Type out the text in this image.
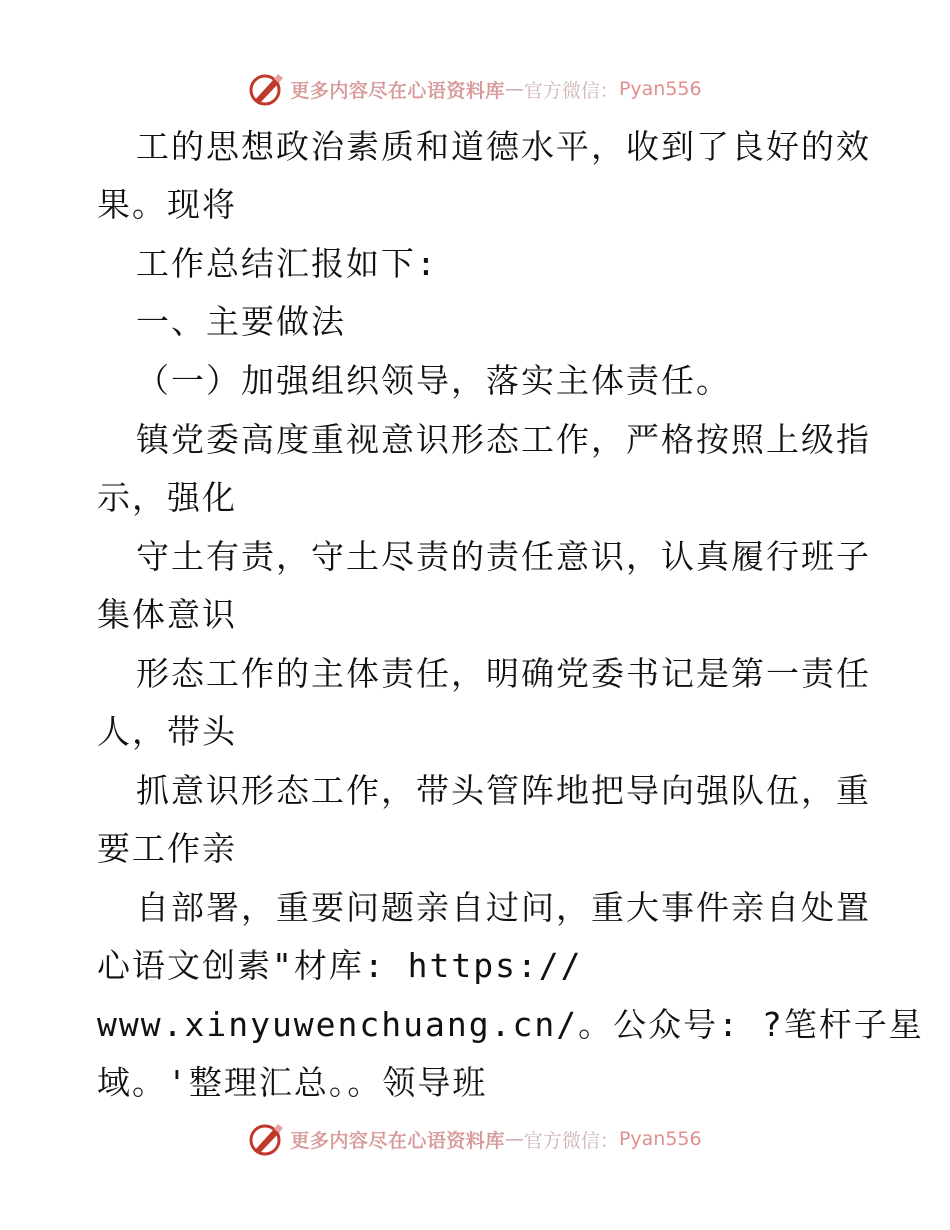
更多内容尽在心语资料库 — 官方微信： Pyan556
工的思想政治素质和道德水平，收到了良好的效
果。现将
工作总结汇报如下:
一、主要做法
（一）加强组织领导，落实主体责任。
镇党委高度重视意识形态工作，严格按照上级指
示，强化
守土有责，守土尽责的责任意识，认真履行班子
集体意识
形态工作的主体责任，明确党委书记是第一责任
人，带头
抓意识形态工作，带头管阵地把导向强队伍，重
要工作亲
自部署，重要问题亲自过问，重大事件亲自处置
心语文创素"材库: https://
www.xinyuwenchuang.cn/。公众号: ?笔杆子星
域。'整理汇总。。领导班
更多内容尽在心语资料库 — 官方微信： Pyan556
